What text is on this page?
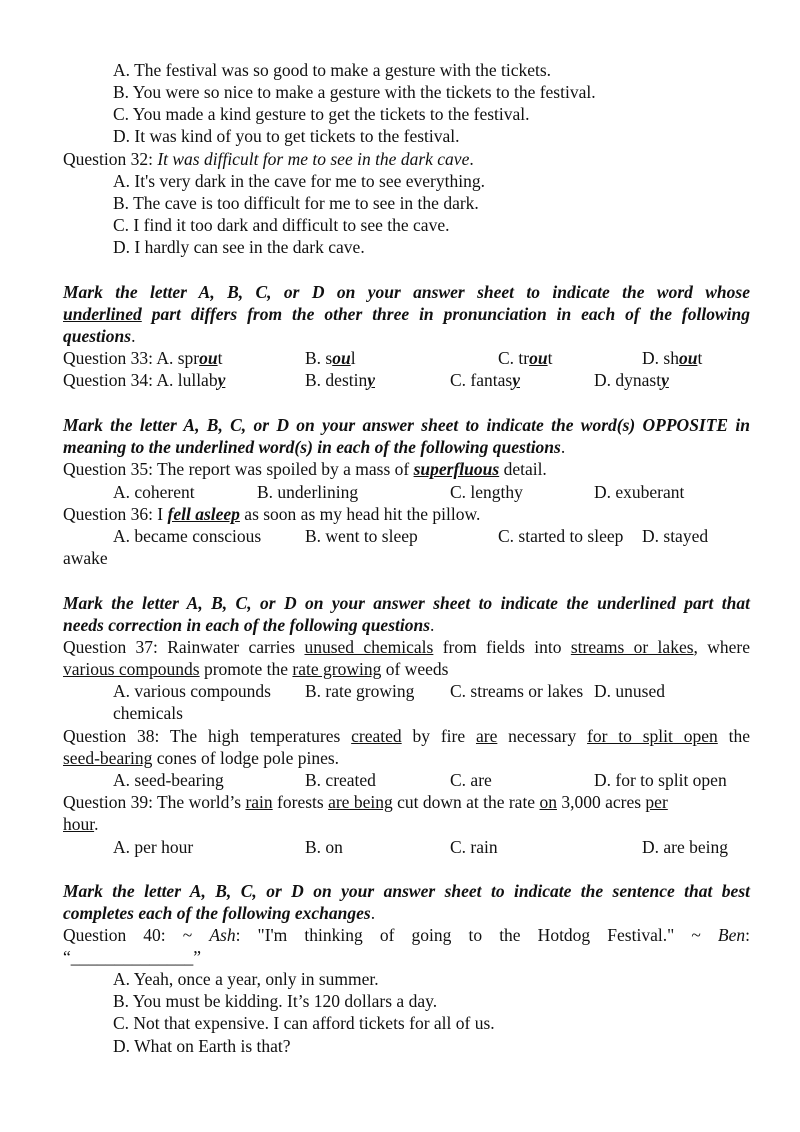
A. The festival was so good to make a gesture with the tickets.
B. You were so nice to make a gesture with the tickets to the festival.
C. You made a kind gesture to get the tickets to the festival.
D. It was kind of you to get tickets to the festival.
Question 32: It was difficult for me to see in the dark cave.
A. It's very dark in the cave for me to see everything.
B. The cave is too difficult for me to see in the dark.
C. I find it too dark and difficult to see the cave.
D. I hardly can see in the dark cave.
Mark the letter A, B, C, or D on your answer sheet to indicate the word whose
underlined part differs from the other three in pronunciation in each of the following
questions.
Question 33: A. sprout	B. soul	C. trout	D. shout
Question 34: A. lullaby	B. destiny	C. fantasy	D. dynasty
Mark the letter A, B, C, or D on your answer sheet to indicate the word(s) OPPOSITE in
meaning to the underlined word(s) in each of the following questions.
Question 35: The report was spoiled by a mass of superfluous detail.
A. coherent	B. underlining	C. lengthy	D. exuberant
Question 36: I fell asleep as soon as my head hit the pillow.
A. became conscious	B. went to sleep	C. started to sleep D. stayed
awake
Mark the letter A, B, C, or D on your answer sheet to indicate the underlined part that
needs correction in each of the following questions.
Question 37: Rainwater carries unused chemicals from fields into streams or lakes, where
various compounds promote the rate growing of weeds
A. various compounds B. rate growing C. streams or lakes D. unused
chemicals
Question 38: The high temperatures created by fire are necessary for to split open the
seed-bearing cones of lodge pole pines.
A. seed-bearing	B. created	C. are	D. for to split open
Question 39: The world’s rain forests are being cut down at the rate on 3,000 acres per
hour.
A. per hour	B. on	C. rain	D. are being
Mark the letter A, B, C, or D on your answer sheet to indicate the sentence that best
completes each of the following exchanges.
Question 40: ~ Ash: "I'm thinking of going to the Hotdog Festival." ~ Ben:
“______________”
A. Yeah, once a year, only in summer.
B. You must be kidding. It’s 120 dollars a day.
C. Not that expensive. I can afford tickets for all of us.
D. What on Earth is that?
